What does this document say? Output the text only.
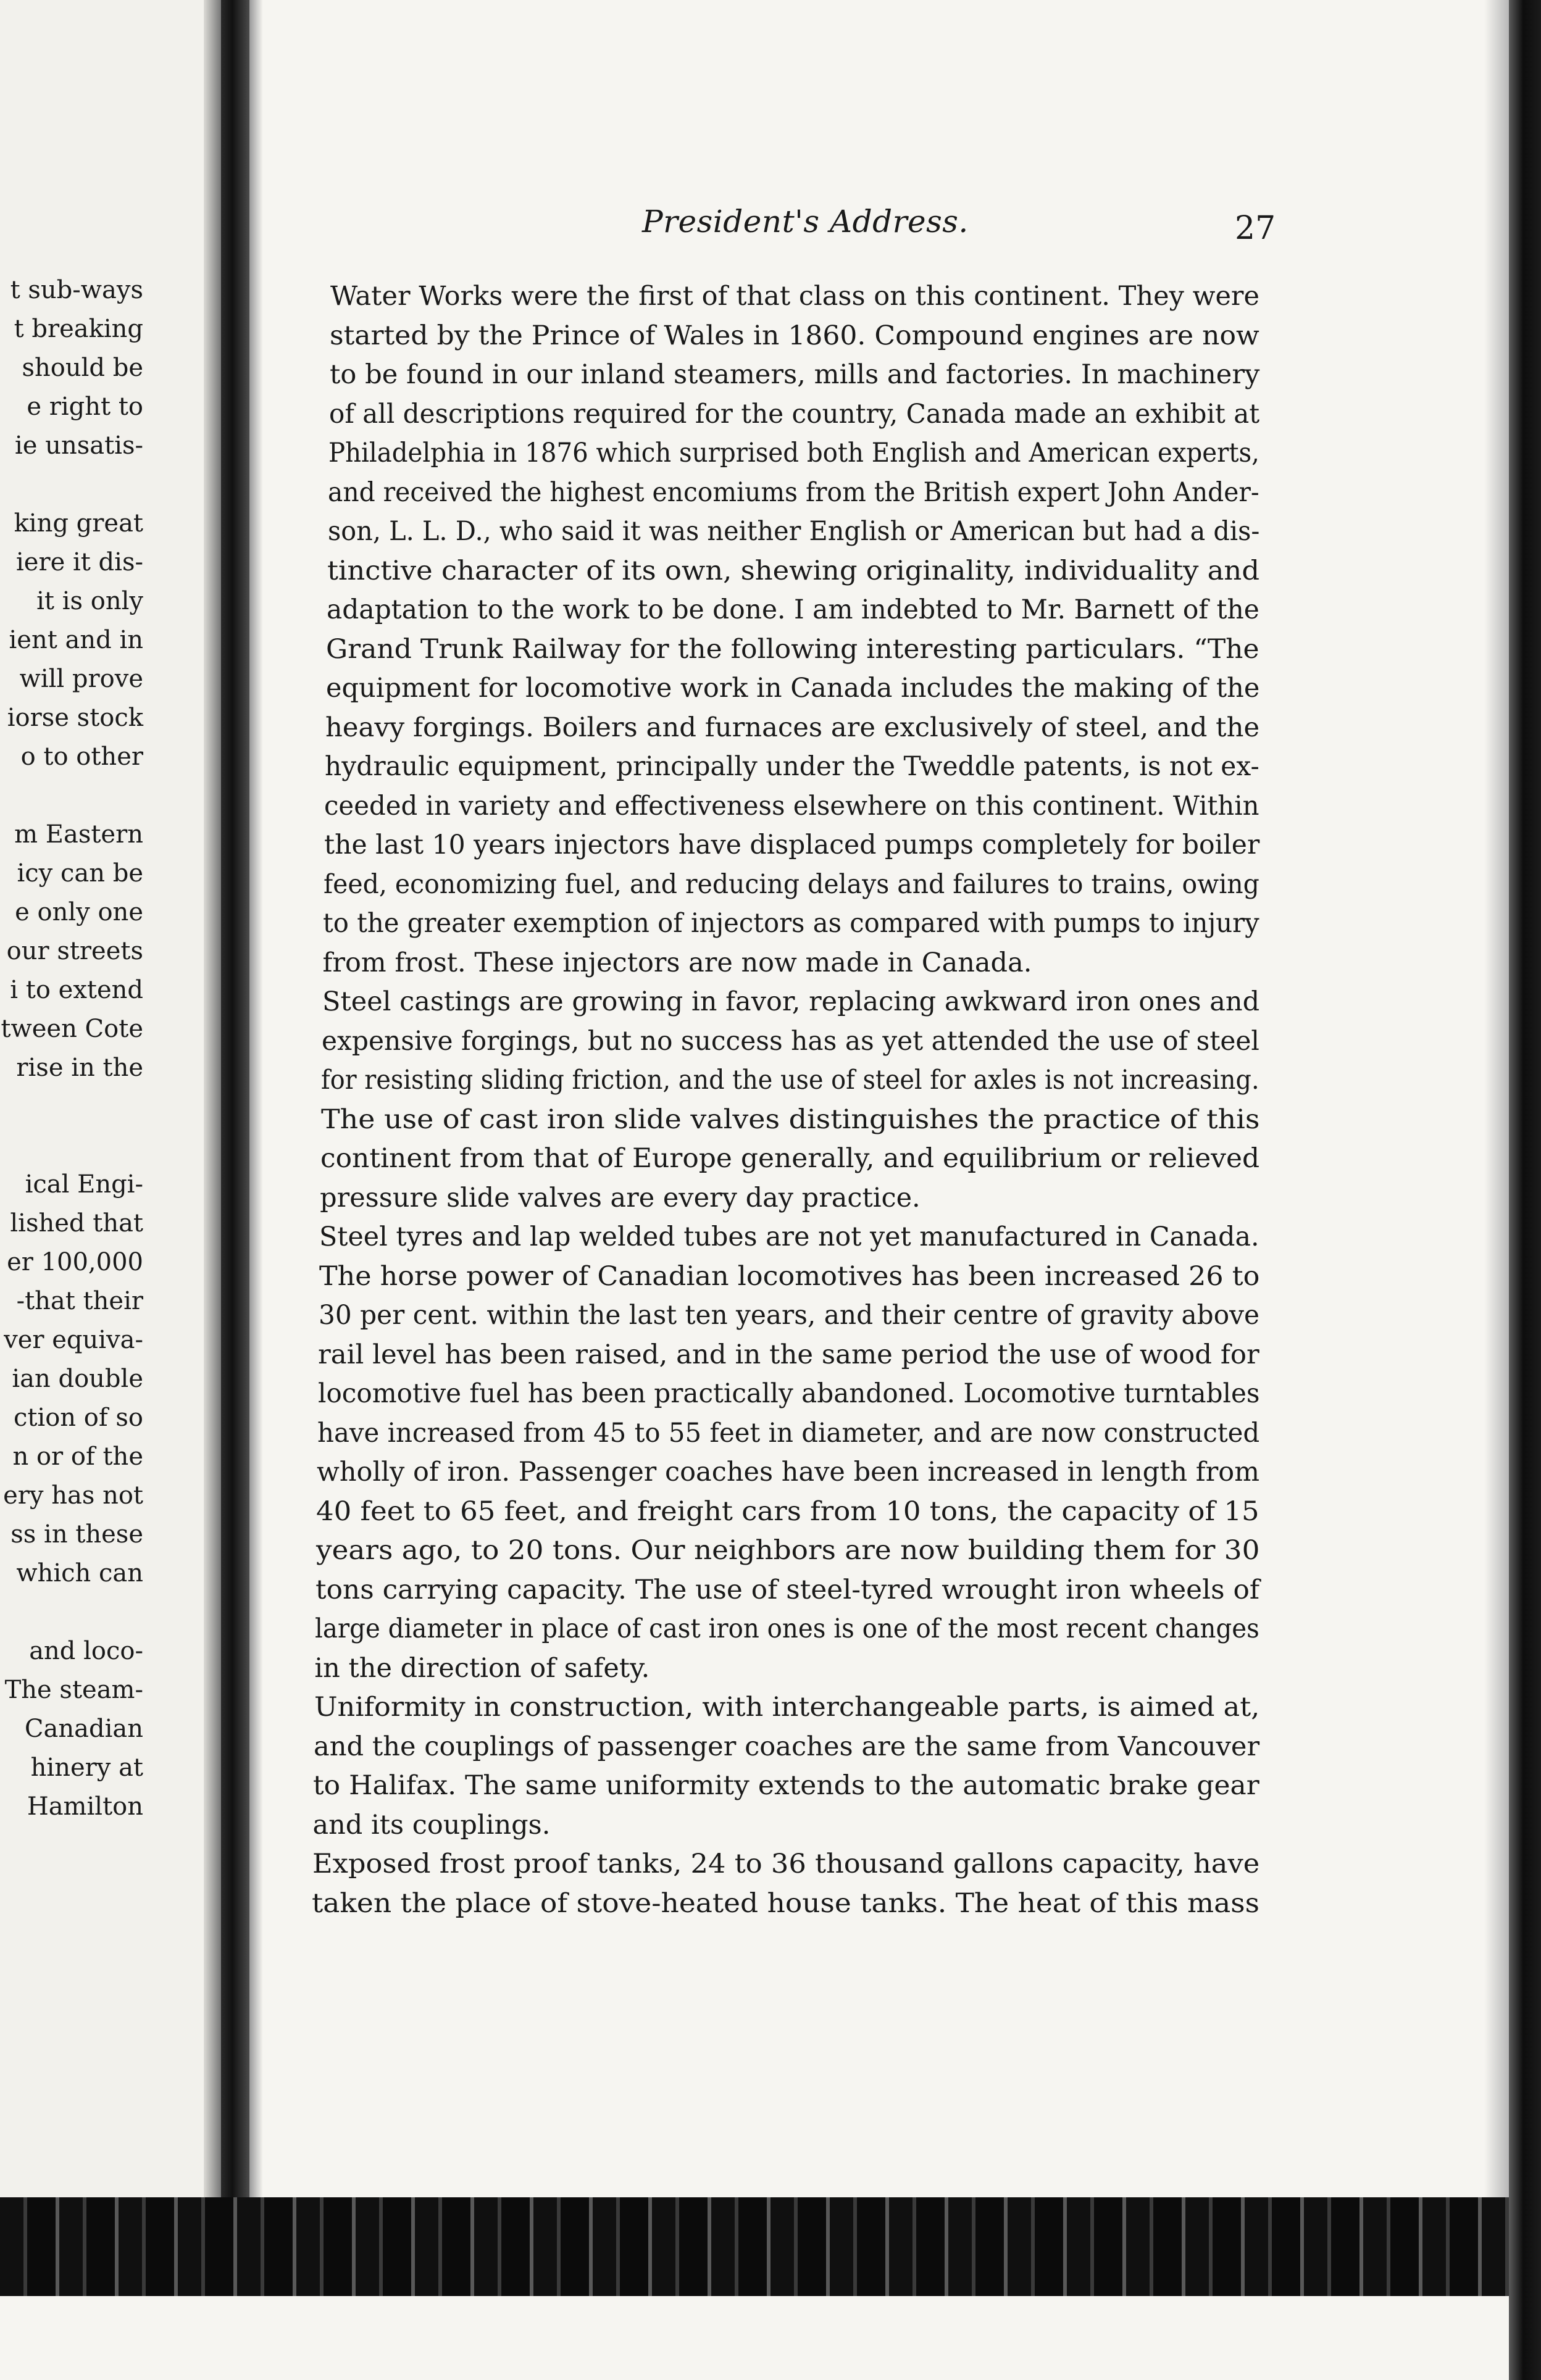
t sub-ways
t breaking
should be
e right to
ie unsatis-
king great
iere it dis-
it is only
ient and in
will prove
iorse stock
o to other
m Eastern
icy can be
e only one
our streets
i to extend
tween Cote
rise in the
ical Engi-
lished that
er 100,000
-that their
ver equiva-
ian double
ction of so
n or of the
ery has not
ss in these
which can
and loco-
The steam-
Canadian
hinery at
Hamilton
President's Address.	27
Water Works were the first of that class on this continent. They were
started by the Prince of Wales in 1860. Compound engines are now
to be found in our inland steamers, mills and factories. In machinery
of all descriptions required for the country, Canada made an exhibit at
Philadelphia in 1876 which surprised both English and American experts,
and received the highest encomiums from the British expert John Ander-
son, L. L. D., who said it was neither English or American but had a dis-
tinctive character of its own, shewing originality, individuality and
adaptation to the work to be done. I am indebted to Mr. Barnett of the
Grand Trunk Railway for the following interesting particulars. “The
equipment for locomotive work in Canada includes the making of the
heavy forgings. Boilers and furnaces are exclusively of steel, and the
hydraulic equipment, principally under the Tweddle patents, is not ex-
ceeded in variety and effectiveness elsewhere on this continent. Within
the last 10 years injectors have displaced pumps completely for boiler
feed, economizing fuel, and reducing delays and failures to trains, owing
to the greater exemption of injectors as compared with pumps to injury
from frost. These injectors are now made in Canada.
Steel castings are growing in favor, replacing awkward iron ones and
expensive forgings, but no success has as yet attended the use of steel
for resisting sliding friction, and the use of steel for axles is not increasing.
The use of cast iron slide valves distinguishes the practice of this
continent from that of Europe generally, and equilibrium or relieved
pressure slide valves are every day practice.
Steel tyres and lap welded tubes are not yet manufactured in Canada.
The horse power of Canadian locomotives has been increased 26 to
30 per cent. within the last ten years, and their centre of gravity above
rail level has been raised, and in the same period the use of wood for
locomotive fuel has been practically abandoned. Locomotive turntables
have increased from 45 to 55 feet in diameter, and are now constructed
wholly of iron. Passenger coaches have been increased in length from
40 feet to 65 feet, and freight cars from 10 tons, the capacity of 15
years ago, to 20 tons. Our neighbors are now building them for 30
tons carrying capacity. The use of steel-tyred wrought iron wheels of
large diameter in place of cast iron ones is one of the most recent changes
in the direction of safety.
Uniformity in construction, with interchangeable parts, is aimed at,
and the couplings of passenger coaches are the same from Vancouver
to Halifax. The same uniformity extends to the automatic brake gear
and its couplings.
Exposed frost proof tanks, 24 to 36 thousand gallons capacity, have
taken the place of stove-heated house tanks. The heat of this mass
